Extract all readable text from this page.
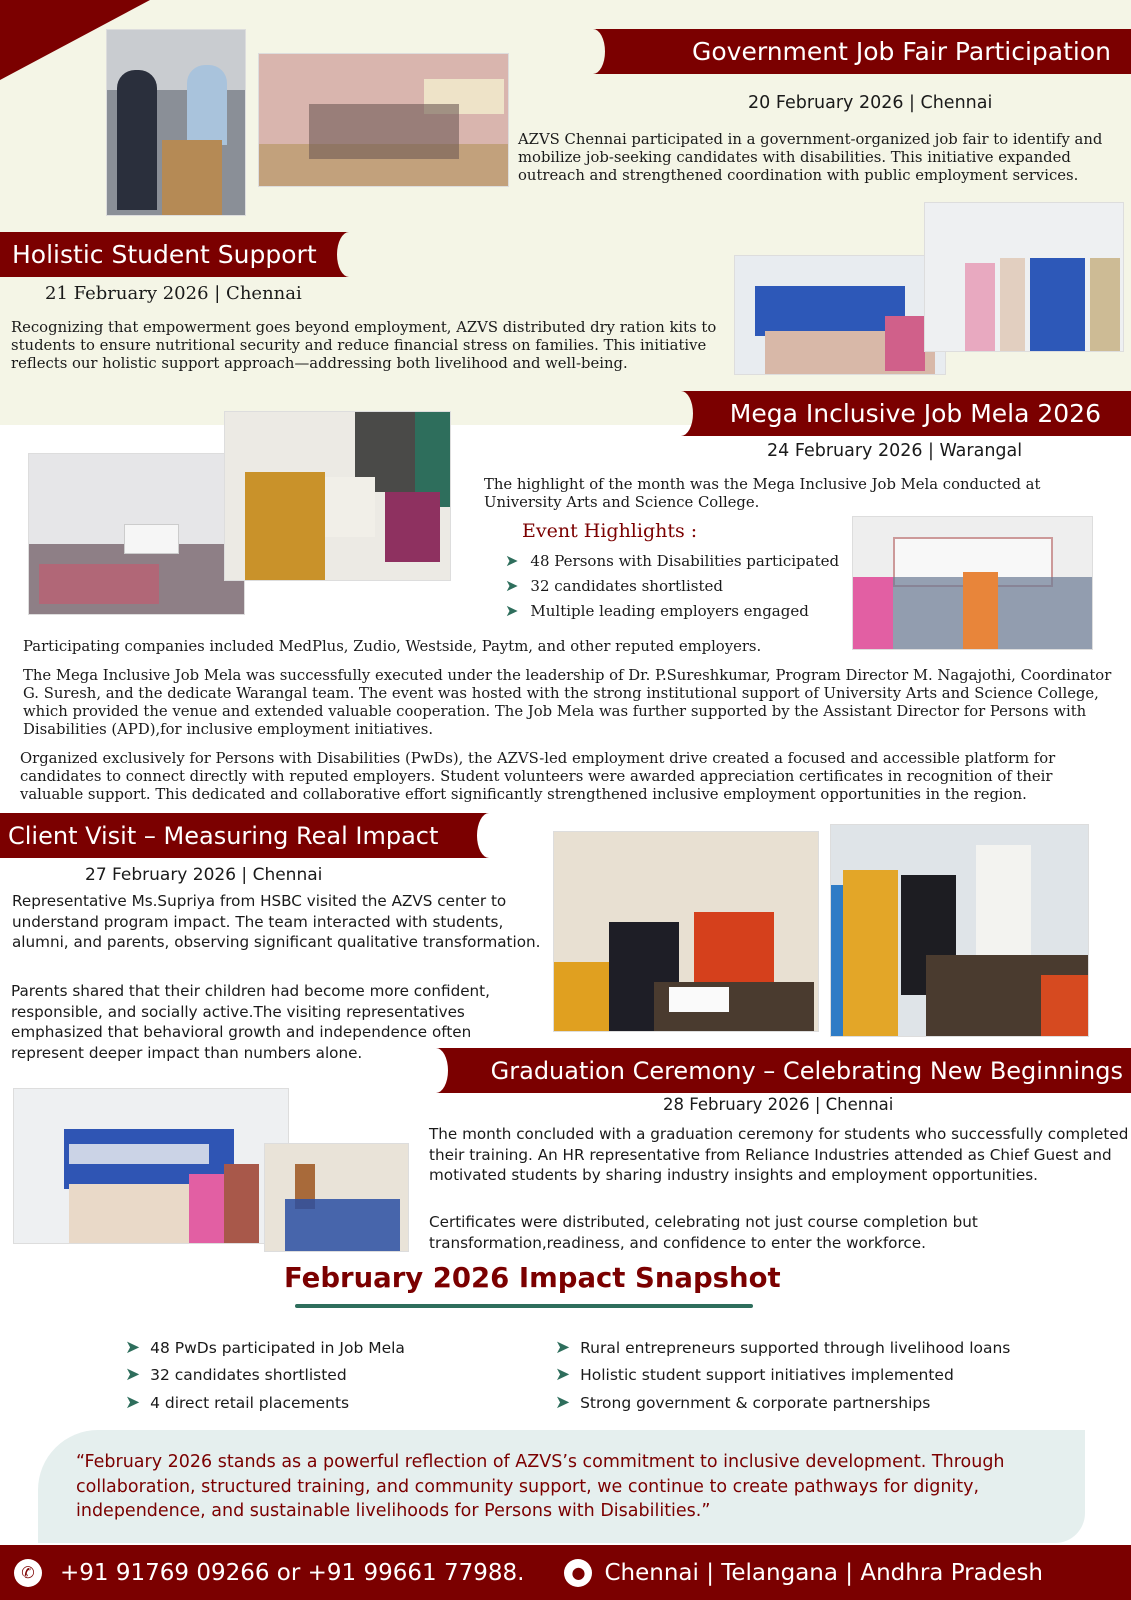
Government Job Fair Participation
20 February 2026 | Chennai
AZVS Chennai participated in a government-organized job fair to identify and mobilize job-seeking candidates with disabilities. This initiative expanded outreach and strengthened coordination with public employment services.
Holistic Student Support
21 February 2026 | Chennai
Recognizing that empowerment goes beyond employment, AZVS distributed dry ration kits to students to ensure nutritional security and reduce financial stress on families. This initiative reflects our holistic support approach—addressing both livelihood and well-being.
Mega Inclusive Job Mela 2026
24 February 2026 | Warangal
The highlight of the month was the Mega Inclusive Job Mela conducted at University Arts and Science College.
Event Highlights :
➤ 48 Persons with Disabilities participated
➤ 32 candidates shortlisted
➤ Multiple leading employers engaged
Participating companies included MedPlus, Zudio, Westside, Paytm, and other reputed employers.
The Mega Inclusive Job Mela was successfully executed under the leadership of Dr. P.Sureshkumar, Program Director M. Nagajothi, Coordinator G. Suresh, and the dedicate Warangal team. The event was hosted with the strong institutional support of University Arts and Science College, which provided the venue and extended valuable cooperation. The Job Mela was further supported by the Assistant Director for Persons with Disabilities (APD),for inclusive employment initiatives.
Organized exclusively for Persons with Disabilities (PwDs), the AZVS-led employment drive created a focused and accessible platform for candidates to connect directly with reputed employers. Student volunteers were awarded appreciation certificates in recognition of their valuable support. This dedicated and collaborative effort significantly strengthened inclusive employment opportunities in the region.
Client Visit – Measuring Real Impact
27 February 2026 | Chennai
Representative Ms.Supriya from HSBC visited the AZVS center to understand program impact. The team interacted with students, alumni, and parents, observing significant qualitative transformation.
Parents shared that their children had become more confident, responsible, and socially active.The visiting representatives emphasized that behavioral growth and independence often represent deeper impact than numbers alone.
Graduation Ceremony – Celebrating New Beginnings
28 February 2026 | Chennai
The month concluded with a graduation ceremony for students who successfully completed their training. An HR representative from Reliance Industries attended as Chief Guest and motivated students by sharing industry insights and employment opportunities.
Certificates were distributed, celebrating not just course completion but transformation,readiness, and confidence to enter the workforce.
February 2026 Impact Snapshot
➤ 48 PwDs participated in Job Mela
➤ 32 candidates shortlisted
➤ 4 direct retail placements
➤ Rural entrepreneurs supported through livelihood loans
➤ Holistic student support initiatives implemented
➤ Strong government & corporate partnerships
“February 2026 stands as a powerful reflection of AZVS’s commitment to inclusive development. Through collaboration, structured training, and community support, we continue to create pathways for dignity, independence, and sustainable livelihoods for Persons with Disabilities.”
✆	+91 91769 09266 or +91 99661 77988.	● Chennai | Telangana | Andhra Pradesh
